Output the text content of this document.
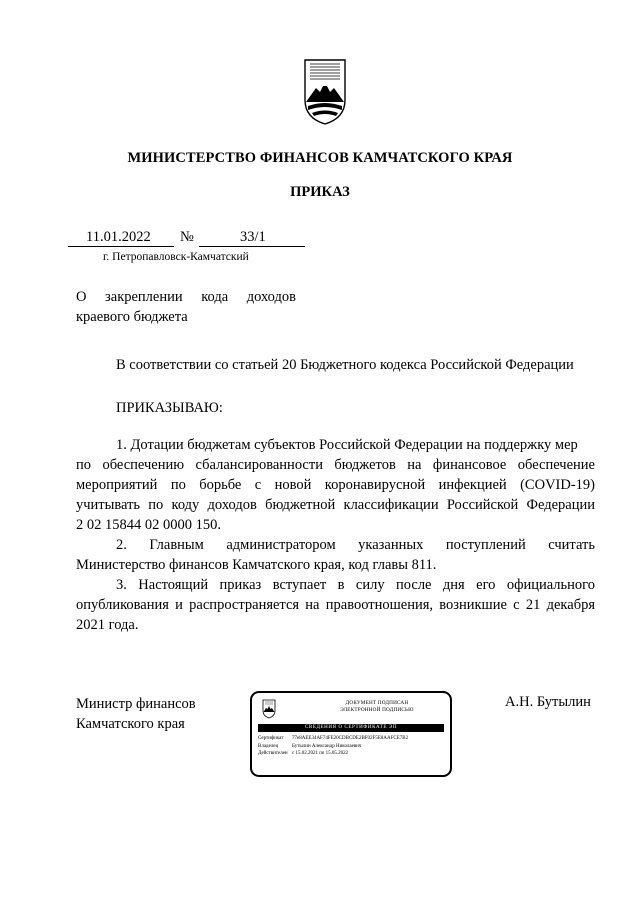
МИНИСТЕРСТВО ФИНАНСОВ КАМЧАТСКОГО КРАЯ
ПРИКАЗ
11.01.2022 №	33/1
г. Петропавловск-Камчатский
О закреплении кода доходов
краевого бюджета
В соответствии со статьей 20 Бюджетного кодекса Российской Федерации
ПРИКАЗЫВАЮ:
1. Дотации бюджетам субъектов Российской Федерации на поддержку мер
по обеспечению сбалансированности бюджетов на финансовое обеспечение
мероприятий по борьбе с новой коронавирусной инфекцией (COVID-19)
учитывать по коду доходов бюджетной классификации Российской Федерации
2 02 15844 02 0000 150.
2. Главным администратором указанных поступлений считать
Министерство финансов Камчатского края, код главы 811.
3. Настоящий приказ вступает в силу после дня его официального
опубликования и распространяется на правоотношения, возникшие с 21 декабря
2021 года.
Министр финансов
Камчатского края
А.Н. Бутылин
ДОКУМЕНТ ПОДПИСАН
ЭЛЕКТРОННОЙ ПОДПИСЬЮ
СВЕДЕНИЯ О СЕРТИФИКАТЕ ЭП
Сертификат	77e8AEE34AF74FE20CDBCDE2BF02F5E8AAFCE7B2
Владелец	Бутылин Александр Николаевич
Действителен с 15.02.2021 по 15.05.2022
